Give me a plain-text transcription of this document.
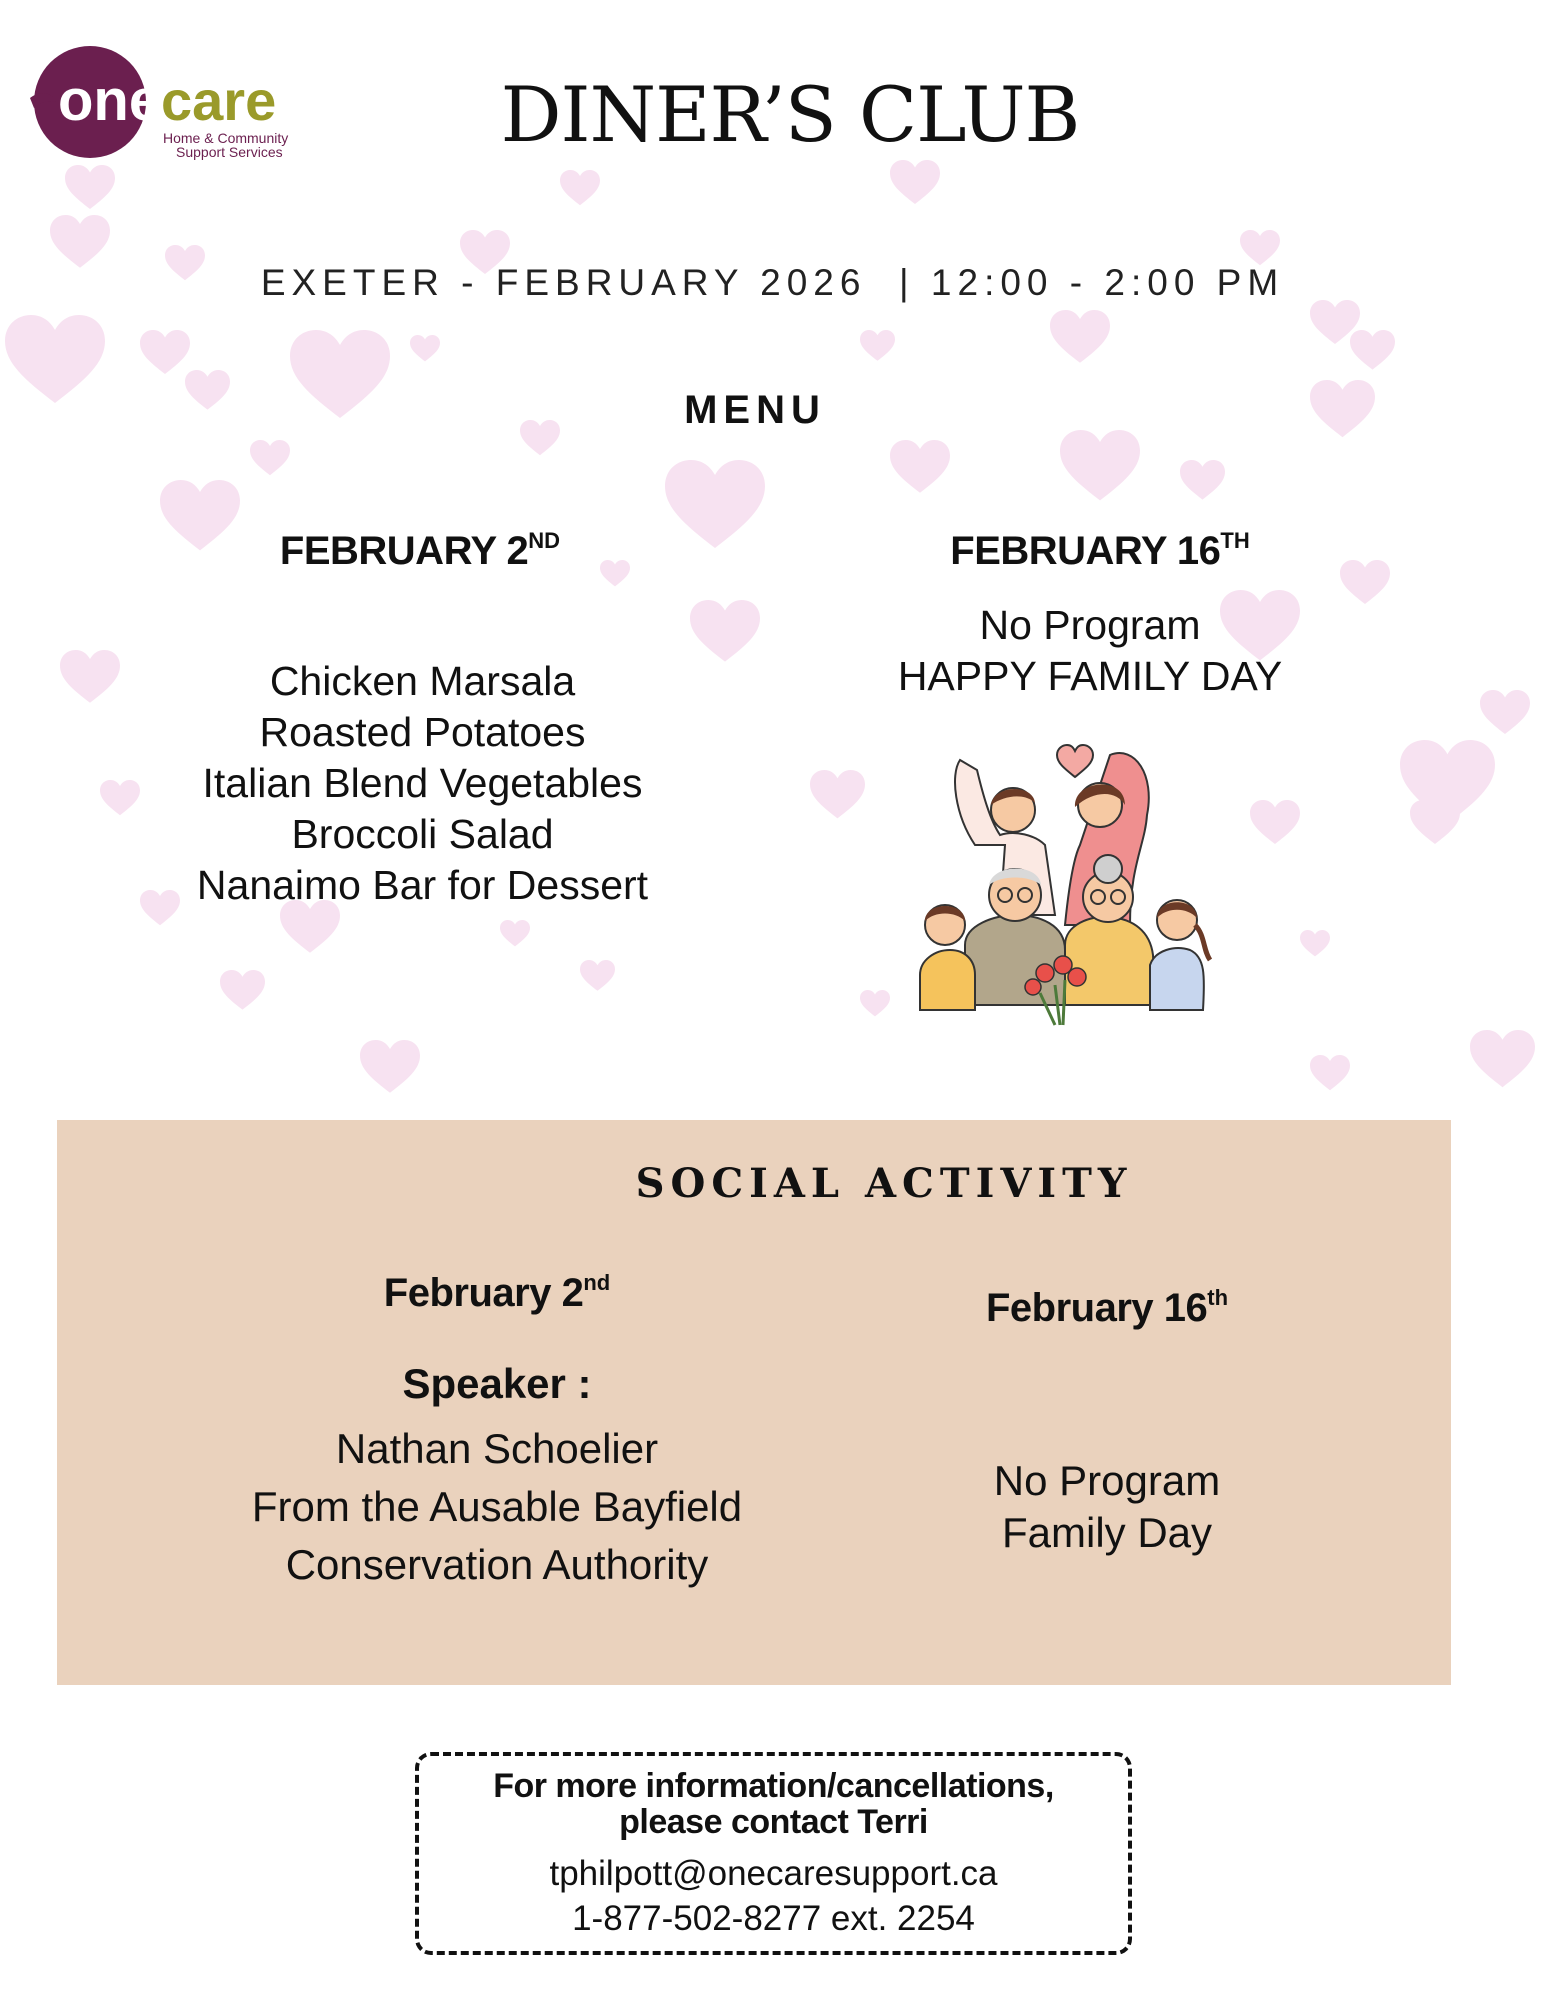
one care
Home & Community
Support Services	DINER’S CLUB
EXETER - FEBRUARY 2026  | 12:00 - 2:00 PM
MENU
FEBRUARY 2ND
Chicken Marsala
Roasted Potatoes
Italian Blend Vegetables
Broccoli Salad
Nanaimo Bar for Dessert
FEBRUARY 16TH
No Program
HAPPY FAMILY DAY
SOCIAL ACTIVITY
February 2nd
Speaker :
Nathan Schoelier
From the Ausable Bayfield
Conservation Authority
February 16th
No Program
Family Day
For more information/cancellations,
please contact Terri
tphilpott@onecaresupport.ca
1-877-502-8277 ext. 2254
